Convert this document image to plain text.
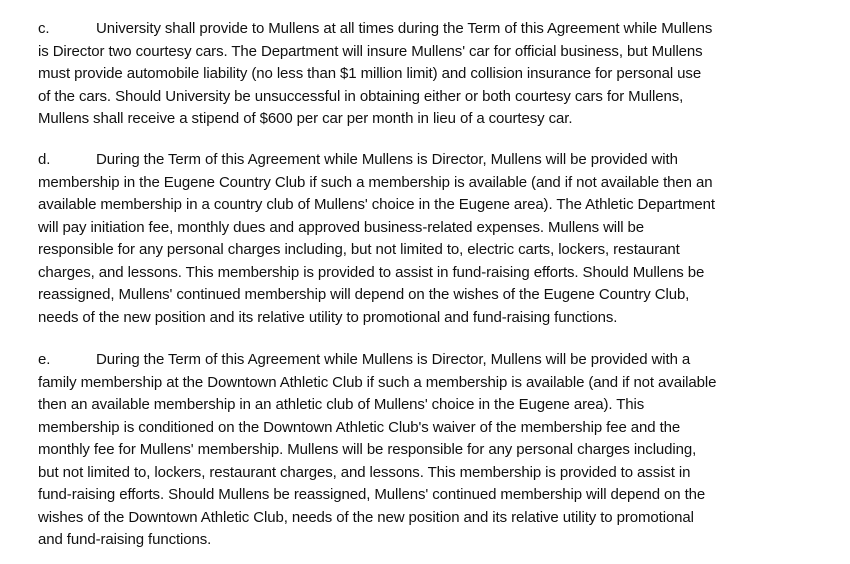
c.	University shall provide to Mullens at all times during the Term of this Agreement while Mullens
is Director two courtesy cars. The Department will insure Mullens' car for official business, but Mullens
must provide automobile liability (no less than $1 million limit) and collision insurance for personal use
of the cars. Should University be unsuccessful in obtaining either or both courtesy cars for Mullens,
Mullens shall receive a stipend of $600 per car per month in lieu of a courtesy car.
d.	During the Term of this Agreement while Mullens is Director, Mullens will be provided with
membership in the Eugene Country Club if such a membership is available (and if not available then an
available membership in a country club of Mullens' choice in the Eugene area). The Athletic Department
will pay initiation fee, monthly dues and approved business-related expenses. Mullens will be
responsible for any personal charges including, but not limited to, electric carts, lockers, restaurant
charges, and lessons. This membership is provided to assist in fund-raising efforts. Should Mullens be
reassigned, Mullens' continued membership will depend on the wishes of the Eugene Country Club,
needs of the new position and its relative utility to promotional and fund-raising functions.
e.	During the Term of this Agreement while Mullens is Director, Mullens will be provided with a
family membership at the Downtown Athletic Club if such a membership is available (and if not available
then an available membership in an athletic club of Mullens' choice in the Eugene area). This
membership is conditioned on the Downtown Athletic Club's waiver of the membership fee and the
monthly fee for Mullens' membership. Mullens will be responsible for any personal charges including,
but not limited to, lockers, restaurant charges, and lessons. This membership is provided to assist in
fund-raising efforts. Should Mullens be reassigned, Mullens' continued membership will depend on the
wishes of the Downtown Athletic Club, needs of the new position and its relative utility to promotional
and fund-raising functions.
